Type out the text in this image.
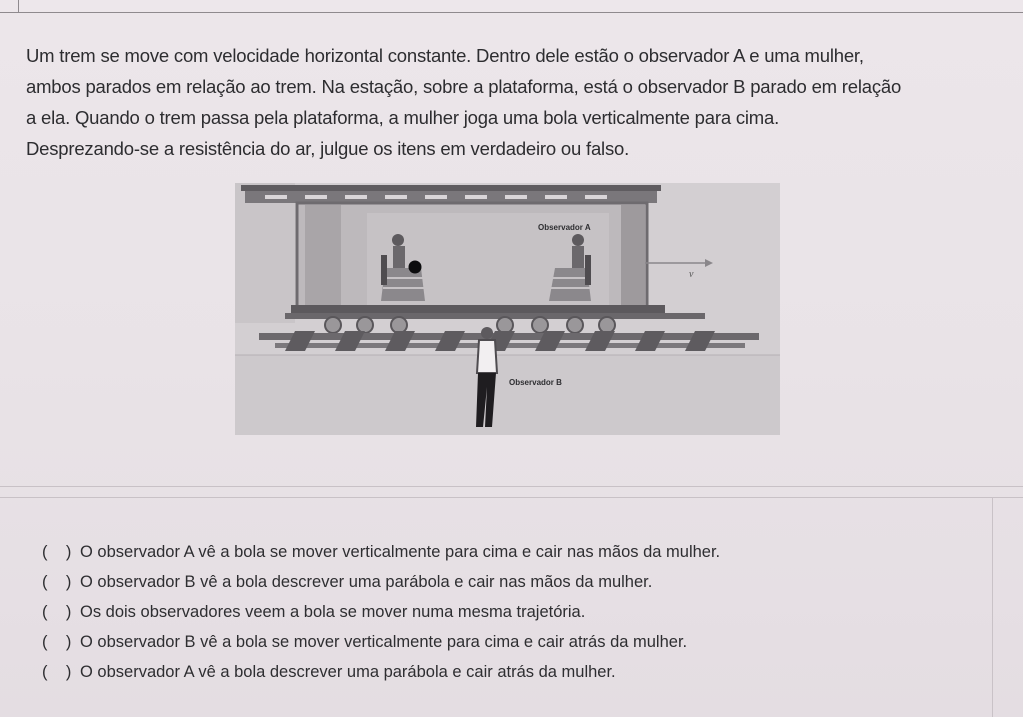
Um trem se move com velocidade horizontal constante. Dentro dele estão o observador A e uma mulher,
ambos parados em relação ao trem. Na estação, sobre a plataforma, está o observador B parado em relação
a ela. Quando o trem passa pela plataforma, a mulher joga uma bola verticalmente para cima.
Desprezando-se a resistência do ar, julgue os itens em verdadeiro ou falso.
Observador A
v
Observador B
( ) O observador A vê a bola se mover verticalmente para cima e cair nas mãos da mulher.
( ) O observador B vê a bola descrever uma parábola e cair nas mãos da mulher.
( ) Os dois observadores veem a bola se mover numa mesma trajetória.
( ) O observador B vê a bola se mover verticalmente para cima e cair atrás da mulher.
( ) O observador A vê a bola descrever uma parábola e cair atrás da mulher.
